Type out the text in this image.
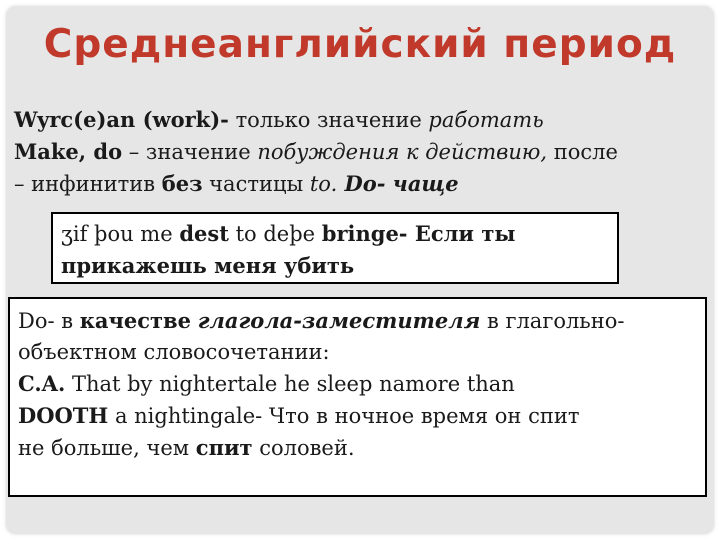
Среднеанглийский период
Wyrc(e)an (work)- только значение работать
Make, do – значение побуждения к действию, после
– инфинитив без частицы to. Do- чаще
ʒif þou me dest to deþe bringe- Если ты прикажешь меня убить
Do- в качестве глагола-заместителя в глагольно-
объектном словосочетании:
C.A. That by nightertale he sleep namore than
DOOTH a nightingale- Что в ночное время он спит
не больше, чем спит соловей.
